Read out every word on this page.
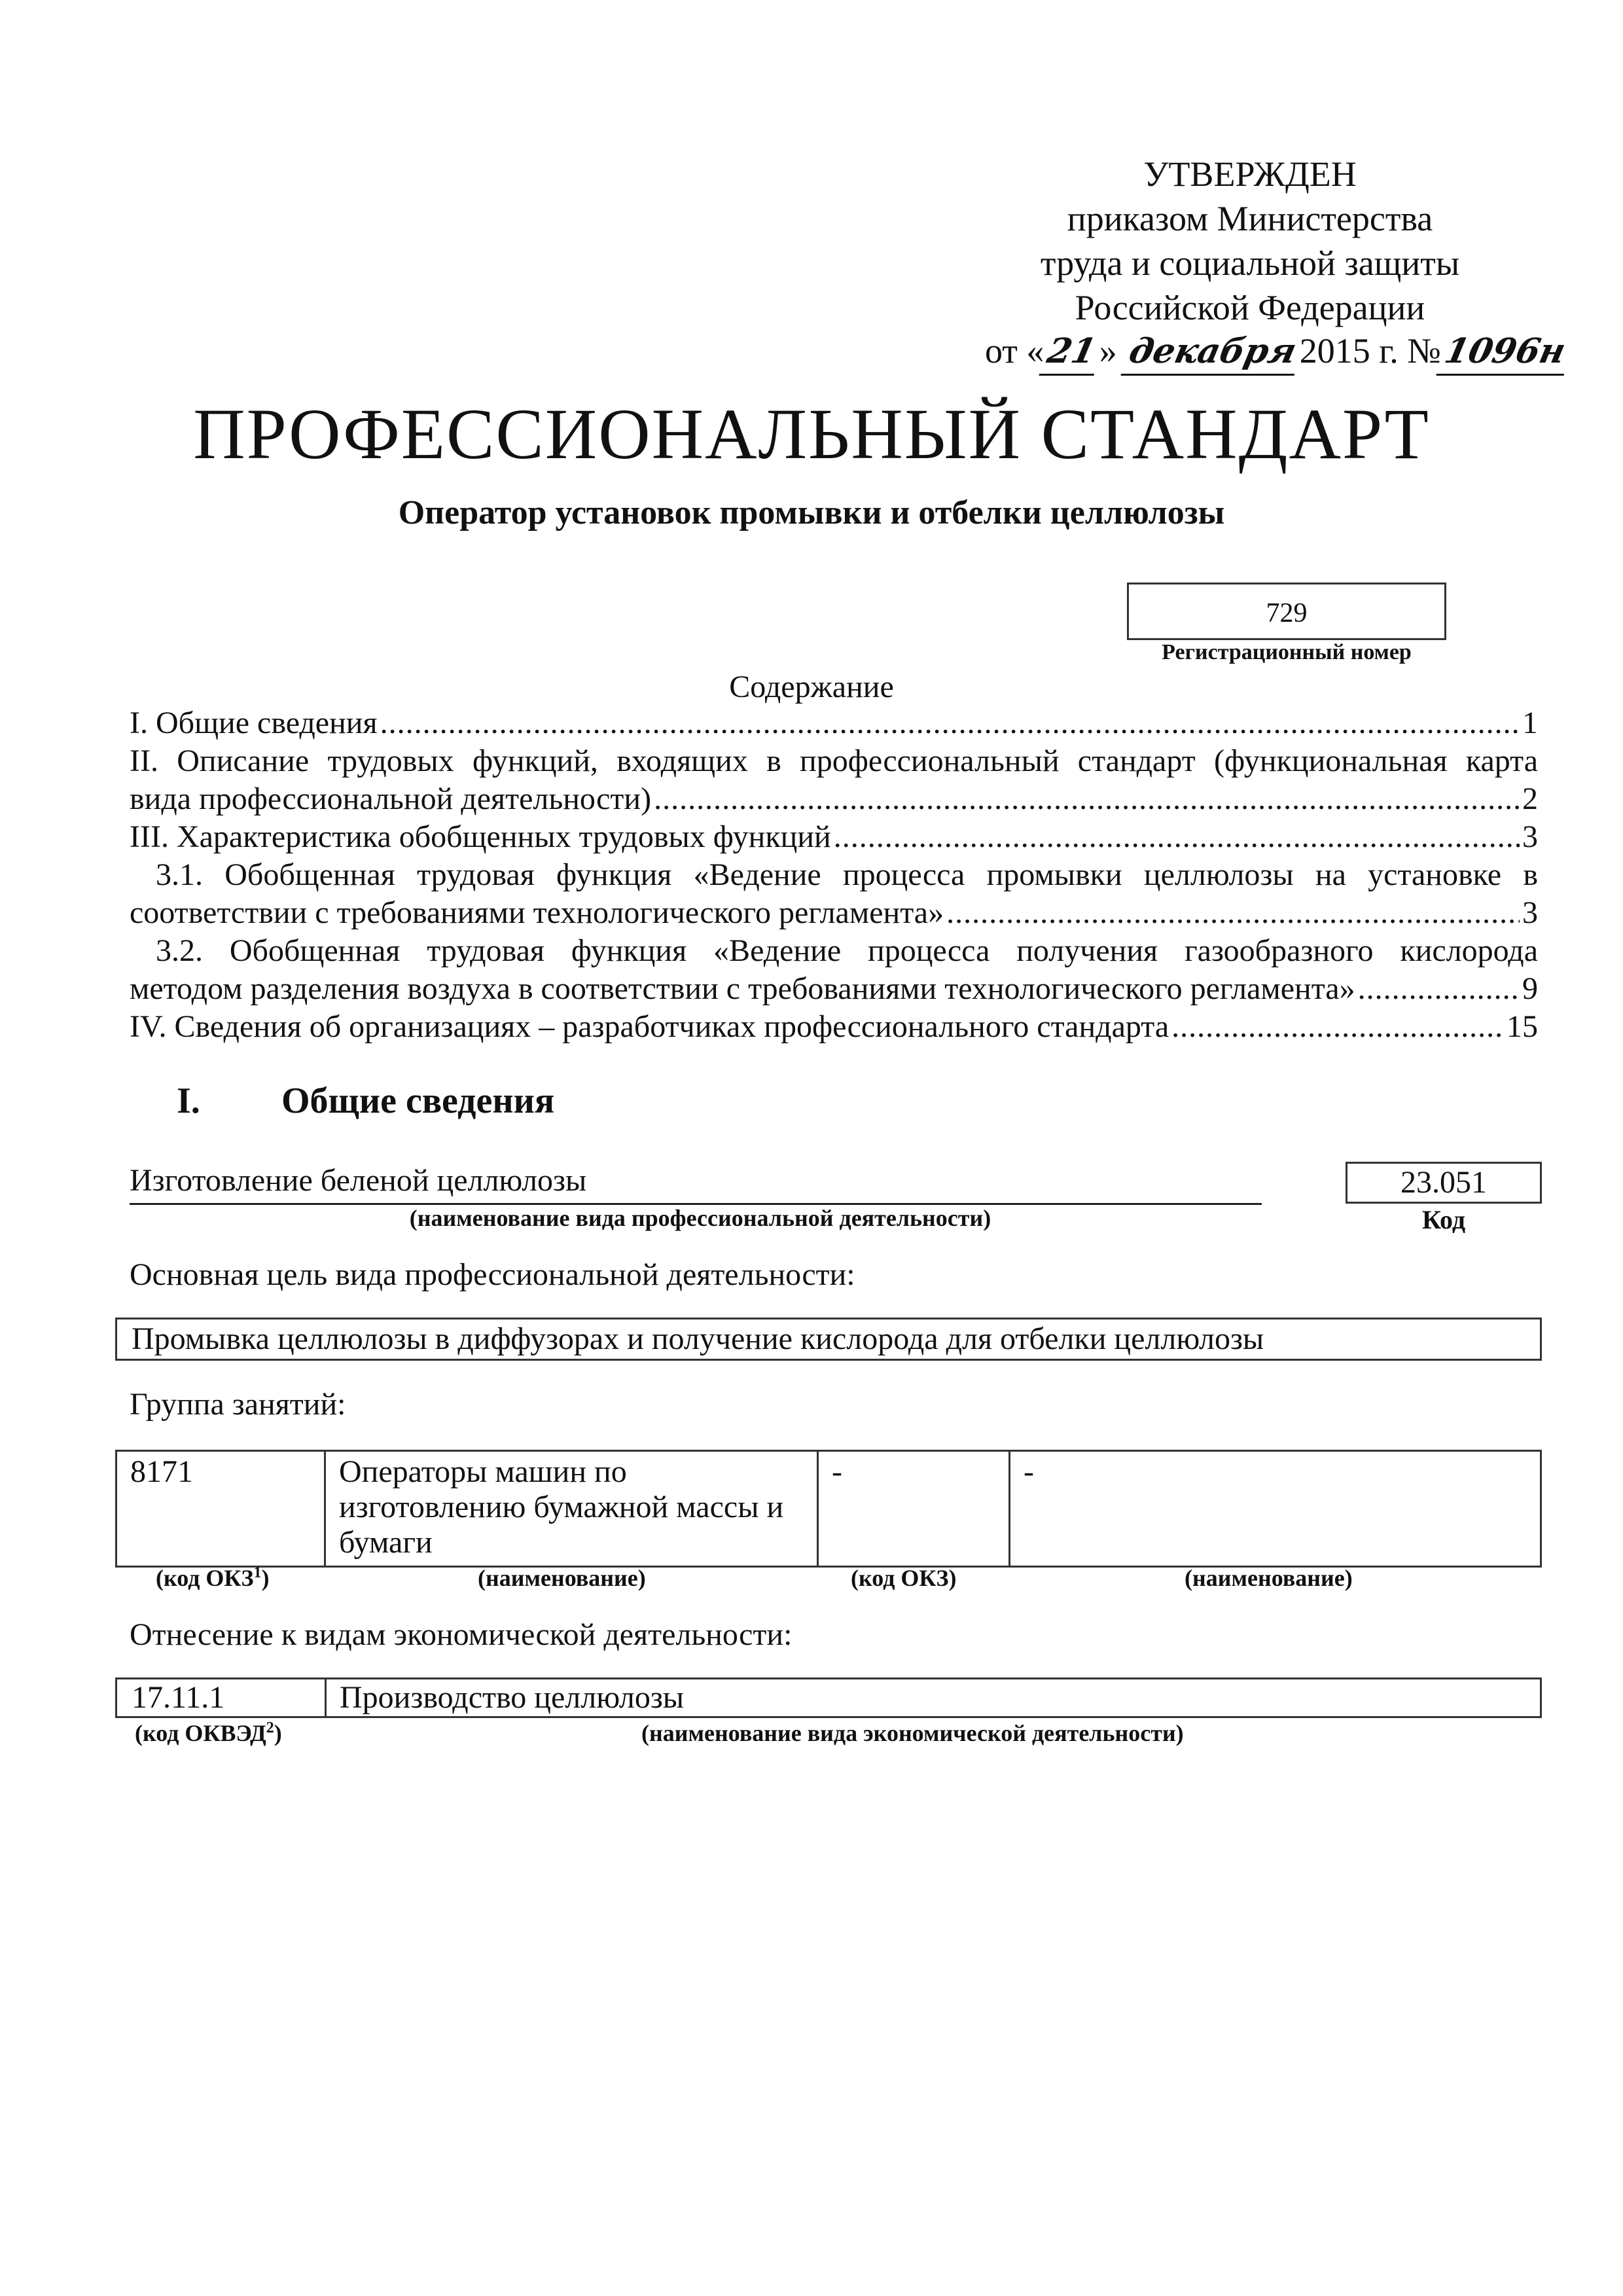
УТВЕРЖДЕН
приказом Министерства
труда и социальной защиты
Российской Федерации
от «21» декабря2015 г. №1096н
ПРОФЕССИОНАЛЬНЫЙ СТАНДАРТ
Оператор установок промывки и отбелки целлюлозы
729
Регистрационный номер
Содержание
I. Общие сведения .....	1
II. Описание трудовых функций, входящих в профессиональный стандарт (функциональная карта
вида профессиональной деятельности) .....	2
III. Характеристика обобщенных трудовых функций .....	3
3.1. Обобщенная трудовая функция «Ведение процесса промывки целлюлозы на установке в
соответствии с требованиями технологического регламента» .....	3
3.2. Обобщенная трудовая функция «Ведение процесса получения газообразного кислорода
методом разделения воздуха в соответствии с требованиями технологического регламента» .....	9
IV. Сведения об организациях – разработчиках профессионального стандарта .....	15
I. Общие сведения
Изготовление беленой целлюлозы
(наименование вида профессиональной деятельности)
23.051
Код
Основная цель вида профессиональной деятельности:
Промывка целлюлозы в диффузорах и получение кислорода для отбелки целлюлозы
Группа занятий:
8171	Операторы машин по изготовлению бумажной массы и бумаги	-	-
(код ОКЗ$^1$)	(наименование)	(код ОКЗ)	(наименование)
Отнесение к видам экономической деятельности:
17.11.1	Производство целлюлозы
(код ОКВЭД$^2$)	(наименование вида экономической деятельности)
